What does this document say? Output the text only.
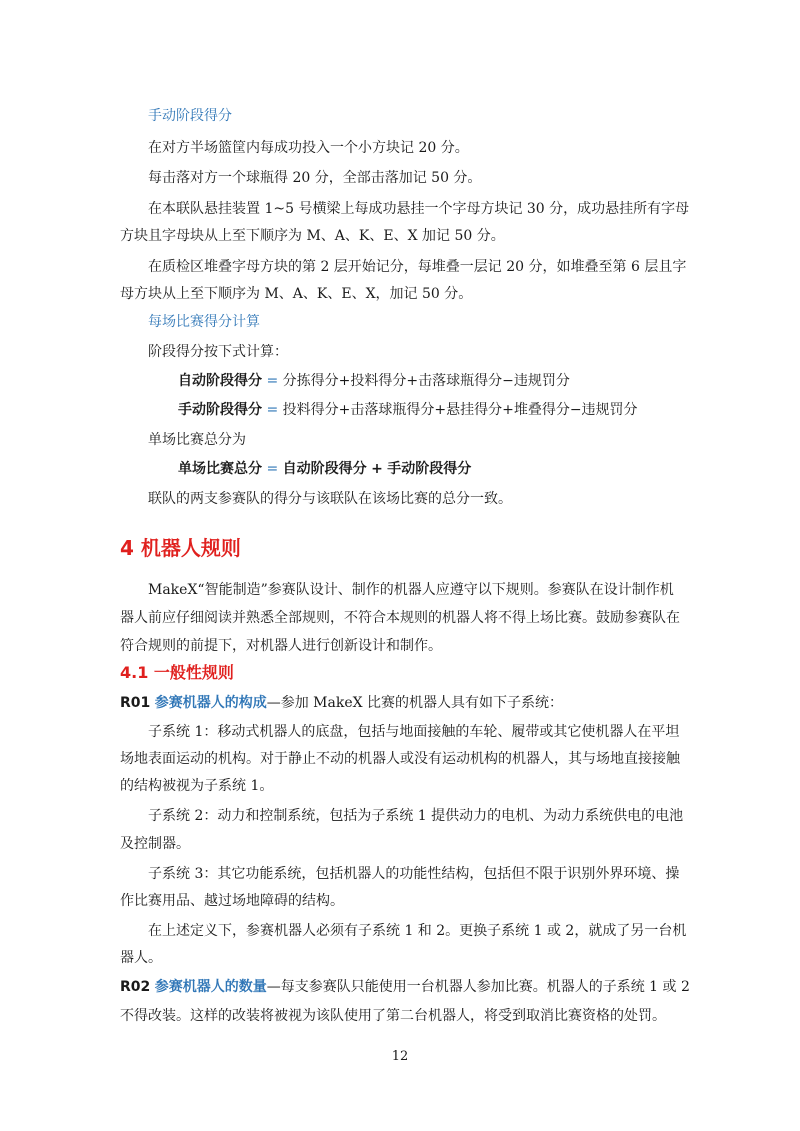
手动阶段得分
在对方半场篮筐内每成功投入一个小方块记 20 分。
每击落对方一个球瓶得 20 分，全部击落加记 50 分。
在本联队悬挂装置 1~5 号横梁上每成功悬挂一个字母方块记 30 分，成功悬挂所有字母
方块且字母块从上至下顺序为 M、A、K、E、X 加记 50 分。
在质检区堆叠字母方块的第 2 层开始记分，每堆叠一层记 20 分，如堆叠至第 6 层且字
母方块从上至下顺序为 M、A、K、E、X，加记 50 分。
每场比赛得分计算
阶段得分按下式计算：
自动阶段得分 = 分拣得分+投料得分+击落球瓶得分−违规罚分
手动阶段得分 = 投料得分+击落球瓶得分+悬挂得分+堆叠得分−违规罚分
单场比赛总分为
单场比赛总分 = 自动阶段得分 + 手动阶段得分
联队的两支参赛队的得分与该联队在该场比赛的总分一致。
4 机器人规则
MakeX“智能制造”参赛队设计、制作的机器人应遵守以下规则。参赛队在设计制作机
器人前应仔细阅读并熟悉全部规则，不符合本规则的机器人将不得上场比赛。鼓励参赛队在
符合规则的前提下，对机器人进行创新设计和制作。
4.1 一般性规则
R01 参赛机器人的构成—参加 MakeX 比赛的机器人具有如下子系统：
子系统 1：移动式机器人的底盘，包括与地面接触的车轮、履带或其它使机器人在平坦
场地表面运动的机构。对于静止不动的机器人或没有运动机构的机器人，其与场地直接接触
的结构被视为子系统 1。
子系统 2：动力和控制系统，包括为子系统 1 提供动力的电机、为动力系统供电的电池
及控制器。
子系统 3：其它功能系统，包括机器人的功能性结构，包括但不限于识别外界环境、操
作比赛用品、越过场地障碍的结构。
在上述定义下，参赛机器人必须有子系统 1 和 2。更换子系统 1 或 2，就成了另一台机
器人。
R02 参赛机器人的数量—每支参赛队只能使用一台机器人参加比赛。机器人的子系统 1 或 2
不得改装。这样的改装将被视为该队使用了第二台机器人，将受到取消比赛资格的处罚。
12
